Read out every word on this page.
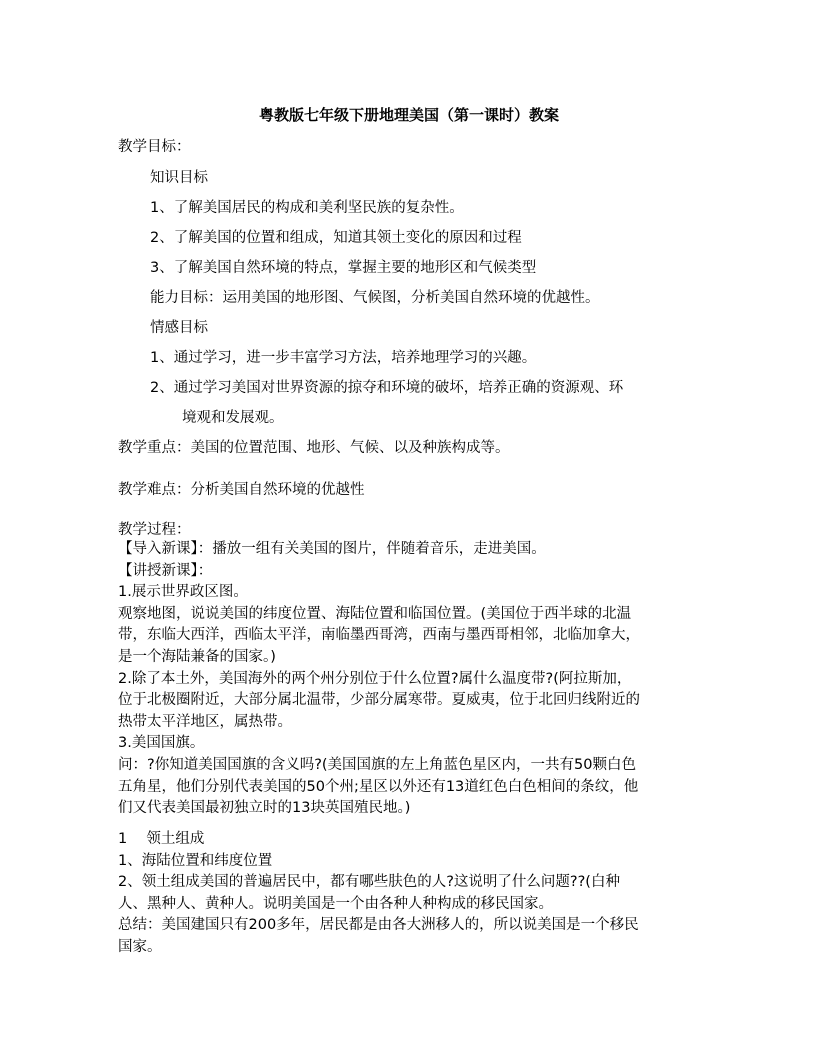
粤教版七年级下册地理美国（第一课时）教案
教学目标：
知识目标
1、了解美国居民的构成和美利坚民族的复杂性。
2、了解美国的位置和组成，知道其领土变化的原因和过程
3、了解美国自然环境的特点，掌握主要的地形区和气候类型
能力目标：运用美国的地形图、气候图，分析美国自然环境的优越性。
情感目标
1、通过学习，进一步丰富学习方法，培养地理学习的兴趣。
2、通过学习美国对世界资源的掠夺和环境的破坏，培养正确的资源观、环
境观和发展观。
教学重点：美国的位置范围、地形、气候、以及种族构成等。
教学难点：分析美国自然环境的优越性
教学过程：

【导入新课】：播放一组有关美国的图片，伴随着音乐，走进美国。

【讲授新课】：

1.展示世界政区图。

观察地图，说说美国的纬度位置、海陆位置和临国位置。(美国位于西半球的北温

带，东临大西洋，西临太平洋，南临墨西哥湾，西南与墨西哥相邻，北临加拿大，

是一个海陆兼备的国家。)

2.除了本土外，美国海外的两个州分别位于什么位置?属什么温度带?(阿拉斯加，

位于北极圈附近，大部分属北温带，少部分属寒带。夏威夷，位于北回归线附近的

热带太平洋地区，属热带。

3.美国国旗。

问：?你知道美国国旗的含义吗?(美国国旗的左上角蓝色星区内，一共有50颗白色

五角星，他们分别代表美国的50个州;星区以外还有13道红色白色相间的条纹，他

们又代表美国最初独立时的13块英国殖民地。)

1　 领土组成

1、海陆位置和纬度位置

2、领土组成美国的普遍居民中，都有哪些肤色的人?这说明了什么问题??(白种

人、黑种人、黄种人。说明美国是一个由各种人种构成的移民国家。

总结：美国建国只有200多年，居民都是由各大洲移人的，所以说美国是一个移民

国家。
